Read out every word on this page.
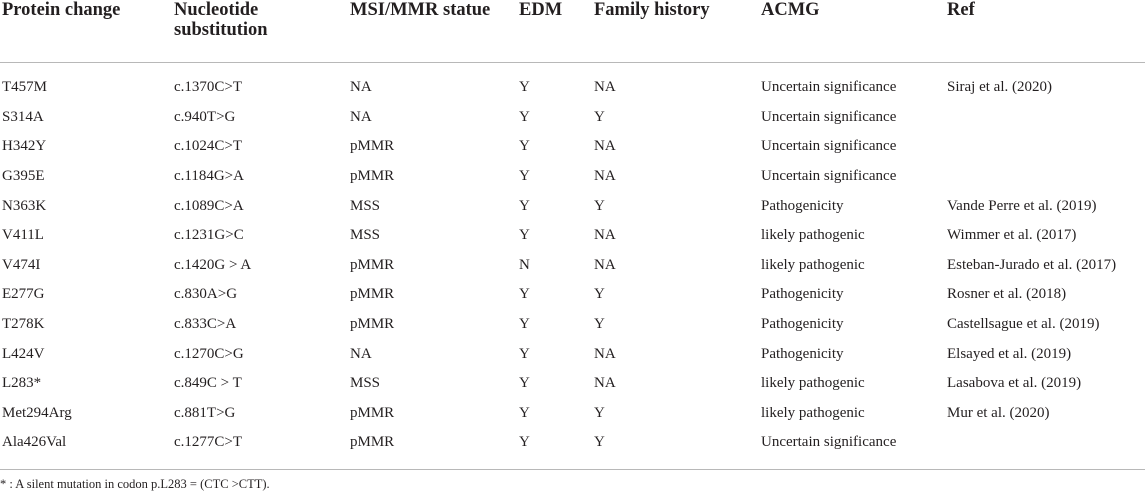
Protein change	Nucleotide substitution	MSI/MMR statue	EDM	Family history	ACMG	Ref
T457M	c.1370C>T	NA	Y	NA	Uncertain significance	Siraj et al. (2020)
S314A	c.940T>G	NA	Y	Y	Uncertain significance	
H342Y	c.1024C>T	pMMR	Y	NA	Uncertain significance	
G395E	c.1184G>A	pMMR	Y	NA	Uncertain significance	
N363K	c.1089C>A	MSS	Y	Y	Pathogenicity	Vande Perre et al. (2019)
V411L	c.1231G>C	MSS	Y	NA	likely pathogenic	Wimmer et al. (2017)
V474I	c.1420G > A	pMMR	N	NA	likely pathogenic	Esteban-Jurado et al. (2017)
E277G	c.830A>G	pMMR	Y	Y	Pathogenicity	Rosner et al. (2018)
T278K	c.833C>A	pMMR	Y	Y	Pathogenicity	Castellsague et al. (2019)
L424V	c.1270C>G	NA	Y	NA	Pathogenicity	Elsayed et al. (2019)
L283*	c.849C > T	MSS	Y	NA	likely pathogenic	Lasabova et al. (2019)
Met294Arg	c.881T>G	pMMR	Y	Y	likely pathogenic	Mur et al. (2020)
Ala426Val	c.1277C>T	pMMR	Y	Y	Uncertain significance	
* : A silent mutation in codon p.L283 = (CTC >CTT).
